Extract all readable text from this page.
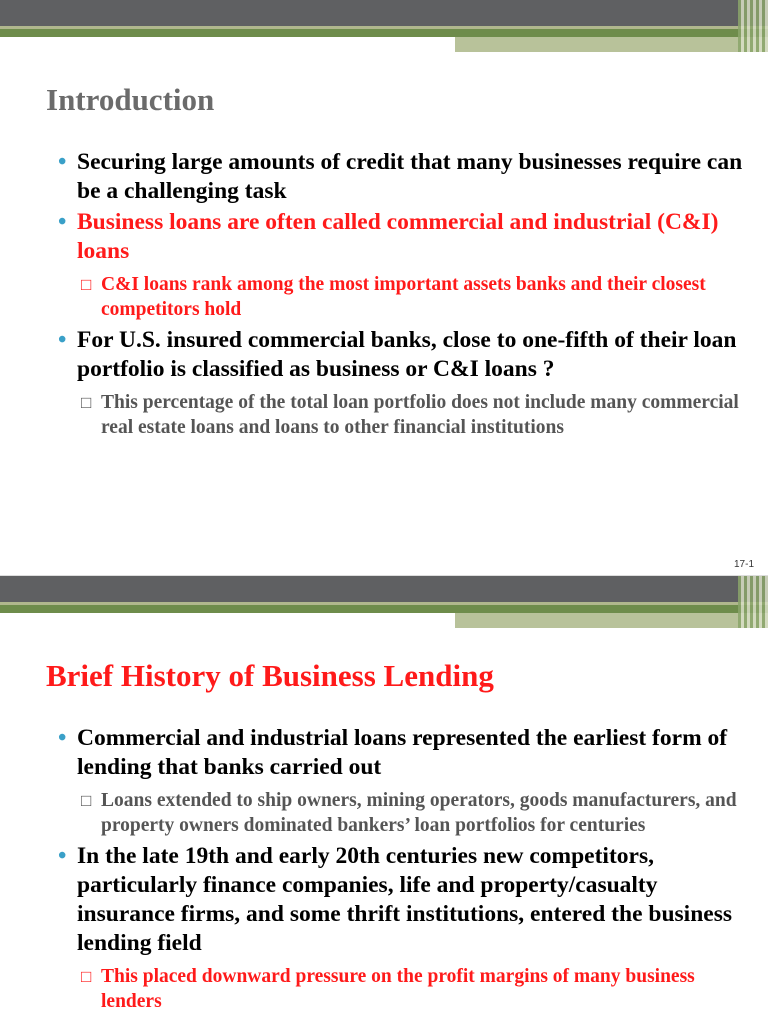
Introduction
• Securing large amounts of credit that many businesses require can be a challenging task
• Business loans are often called commercial and industrial (C&I) loans
□ C&I loans rank among the most important assets banks and their closest competitors hold
• For U.S. insured commercial banks, close to one-fifth of their loan portfolio is classified as business or C&I loans ?
□ This percentage of the total loan portfolio does not include many commercial real estate loans and loans to other financial institutions
17-1
Brief History of Business Lending
• Commercial and industrial loans represented the earliest form of lending that banks carried out
□ Loans extended to ship owners, mining operators, goods manufacturers, and property owners dominated bankers’ loan portfolios for centuries
• In the late 19th and early 20th centuries new competitors, particularly finance companies, life and property/casualty insurance firms, and some thrift institutions, entered the business lending field
□ This placed downward pressure on the profit margins of many business lenders
